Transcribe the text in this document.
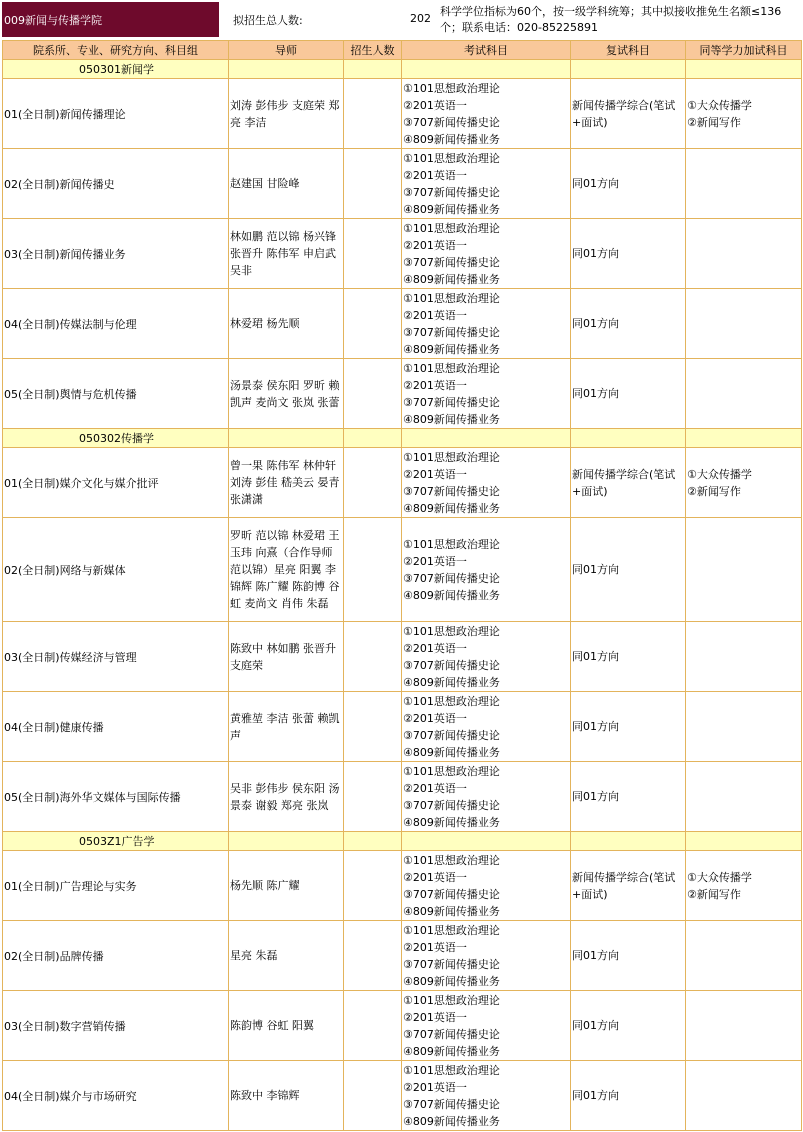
009新闻与传播学院	拟招生总人数:	202
科学学位指标为60个，按一级学科统筹；其中拟接收推免生名额≤136个；联系电话：020-85225891
院系所、专业、研究方向、科目组	导师	招生人数	考试科目	复试科目	同等学力加试科目
050301新闻学					
01(全日制)新闻传播理论	刘涛 彭伟步 支庭荣 郑亮 李洁		①101思想政治理论
②201英语一
③707新闻传播史论
④809新闻传播业务	新闻传播学综合(笔试+面试)	①大众传播学
②新闻写作

02(全日制)新闻传播史	赵建国 甘险峰		①101思想政治理论
②201英语一
③707新闻传播史论
④809新闻传播业务	同01方向	
03(全日制)新闻传播业务	林如鹏 范以锦 杨兴锋 张晋升 陈伟军 申启武 吴非		①101思想政治理论
②201英语一
③707新闻传播史论
④809新闻传播业务	同01方向	
04(全日制)传媒法制与伦理	林爱珺 杨先顺		①101思想政治理论
②201英语一
③707新闻传播史论
④809新闻传播业务	同01方向	
05(全日制)舆情与危机传播	汤景泰 侯东阳 罗昕 赖凯声 麦尚文 张岚 张蕾		①101思想政治理论
②201英语一
③707新闻传播史论
④809新闻传播业务	同01方向	
050302传播学					
01(全日制)媒介文化与媒介批评	曾一果 陈伟军 林仲轩 刘涛 彭佳 嵇美云 晏青 张潇潇		①101思想政治理论
②201英语一
③707新闻传播史论
④809新闻传播业务	新闻传播学综合(笔试+面试)	①大众传播学
②新闻写作

02(全日制)网络与新媒体	罗昕 范以锦 林爱珺 王玉玮 向熹（合作导师范以锦）星亮 阳翼 李锦辉 陈广耀 陈韵博 谷虹 麦尚文 肖伟 朱磊		①101思想政治理论
②201英语一
③707新闻传播史论
④809新闻传播业务	同01方向	
03(全日制)传媒经济与管理	陈致中 林如鹏 张晋升 支庭荣		①101思想政治理论
②201英语一
③707新闻传播史论
④809新闻传播业务	同01方向	
04(全日制)健康传播	黄雅堃 李洁 张蕾 赖凯声		①101思想政治理论
②201英语一
③707新闻传播史论
④809新闻传播业务	同01方向	
05(全日制)海外华文媒体与国际传播	吴非 彭伟步 侯东阳 汤景泰 谢毅 郑亮 张岚		①101思想政治理论
②201英语一
③707新闻传播史论
④809新闻传播业务	同01方向	
0503Z1广告学					
01(全日制)广告理论与实务	杨先顺 陈广耀		①101思想政治理论
②201英语一
③707新闻传播史论
④809新闻传播业务	新闻传播学综合(笔试+面试)	①大众传播学
②新闻写作

02(全日制)品牌传播	星亮 朱磊		①101思想政治理论
②201英语一
③707新闻传播史论
④809新闻传播业务	同01方向	
03(全日制)数字营销传播	陈韵博 谷虹 阳翼		①101思想政治理论
②201英语一
③707新闻传播史论
④809新闻传播业务	同01方向	
04(全日制)媒介与市场研究	陈致中 李锦辉		①101思想政治理论
②201英语一
③707新闻传播史论
④809新闻传播业务	同01方向	
